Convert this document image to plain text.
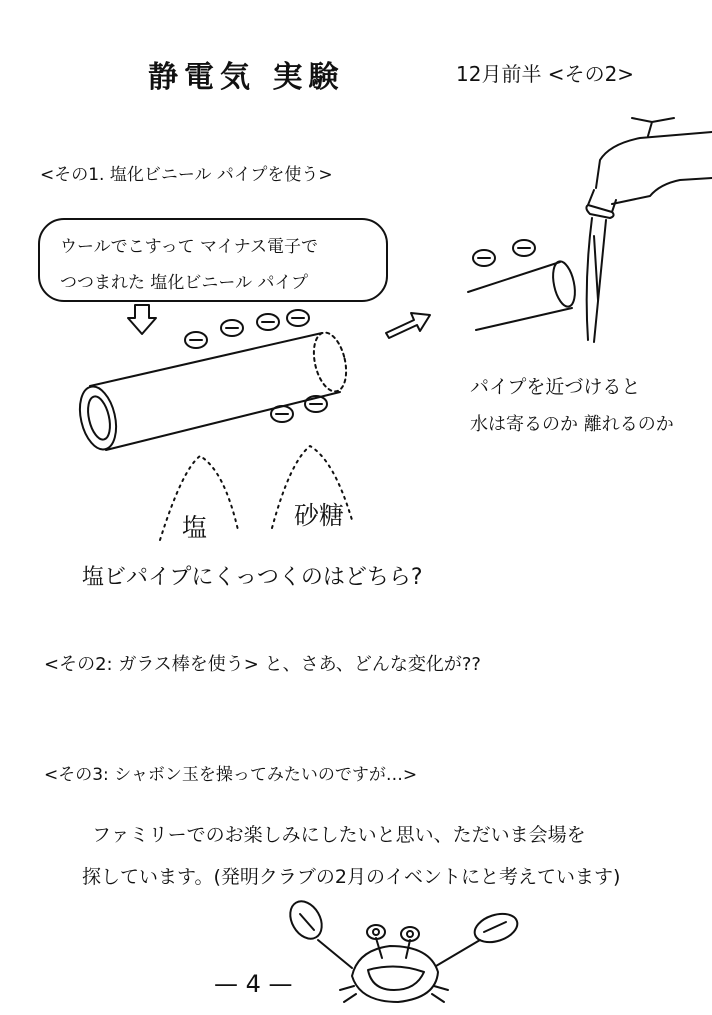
静電気 実験	12月前半 <その2>
<その1. 塩化ビニール パイプを使う>
ウールでこすって マイナス電子で
つつまれた 塩化ビニール パイプ
塩	砂糖
塩ビパイプにくっつくのはどちら?
パイプを近づけると
水は寄るのか 離れるのか
<その2: ガラス棒を使う> と、さあ、どんな変化が??
<その3: シャボン玉を操ってみたいのですが…>
ファミリーでのお楽しみにしたいと思い、ただいま会場を
探しています。(発明クラブの2月のイベントにと考えています)
— 4 —
